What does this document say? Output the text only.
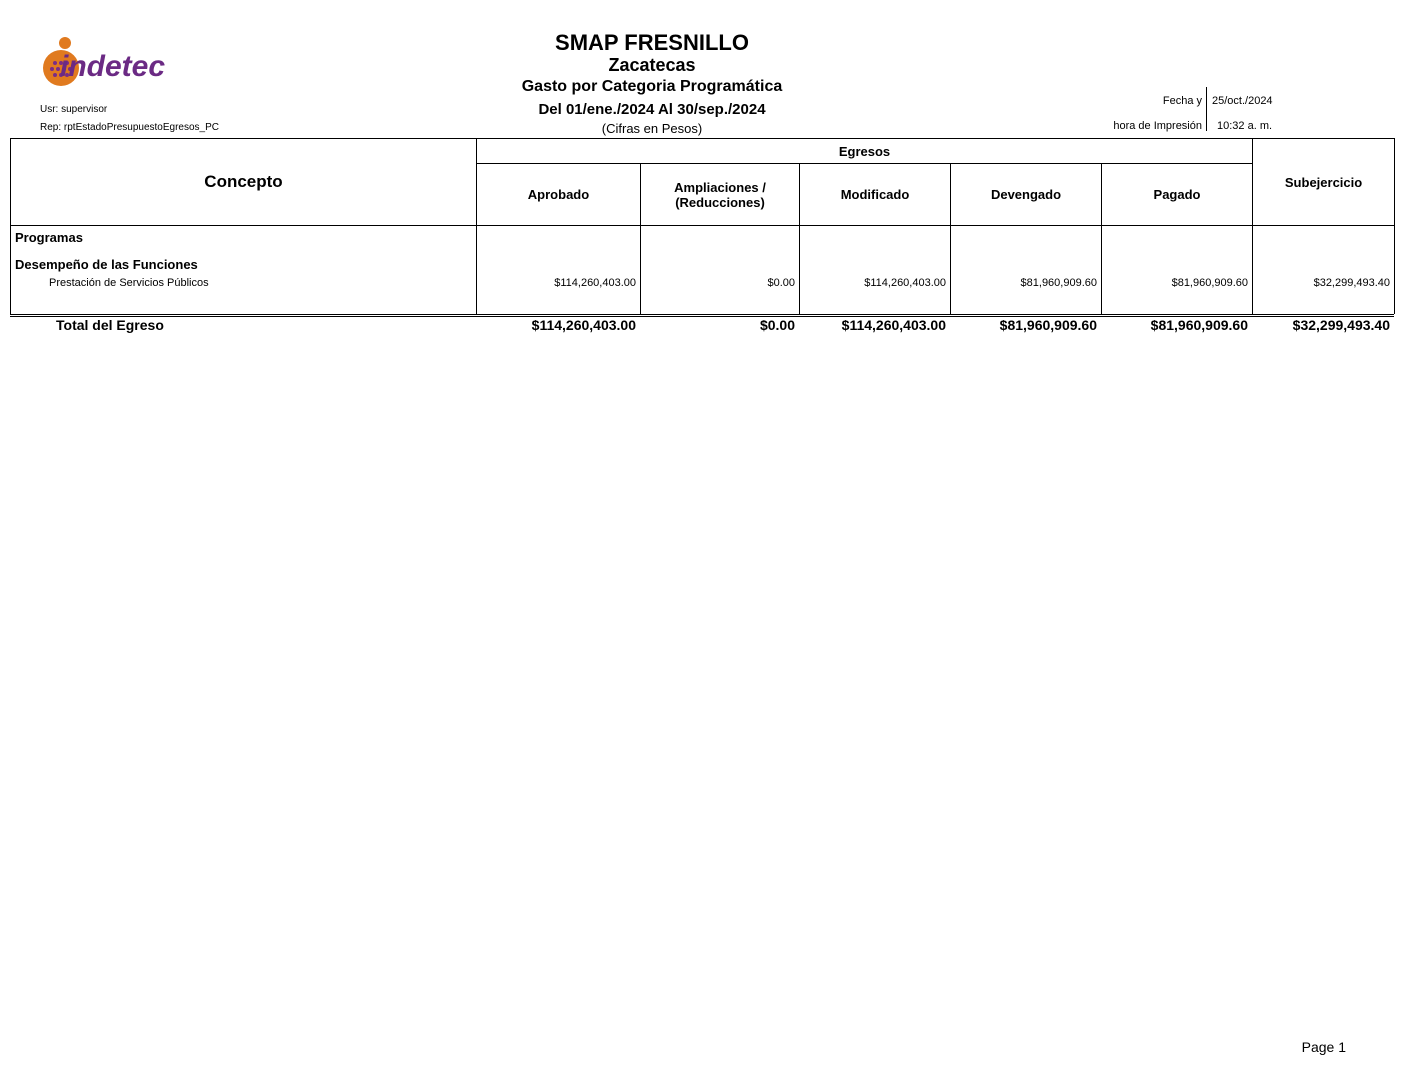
indetec
Usr: supervisor
Rep: rptEstadoPresupuestoEgresos_PC
SMAP FRESNILLO
Zacatecas
Gasto por Categoria Programática
Del 01/ene./2024 Al 30/sep./2024
(Cifras en Pesos)
Fecha y 25/oct./2024
hora de Impresión 10:32 a. m.
Concepto	Egresos					Subejercicio
	Aprobado	Ampliaciones / (Reducciones)	Modificado	Devengado	Pagado	
Programas						
Desempeño de las Funciones						
Prestación de Servicios Públicos	$114,260,403.00	$0.00	$114,260,403.00	$81,960,909.60	$81,960,909.60	$32,299,493.40

Total del Egreso	$114,260,403.00	$0.00	$114,260,403.00	$81,960,909.60	$81,960,909.60	$32,299,493.40
Page 1
